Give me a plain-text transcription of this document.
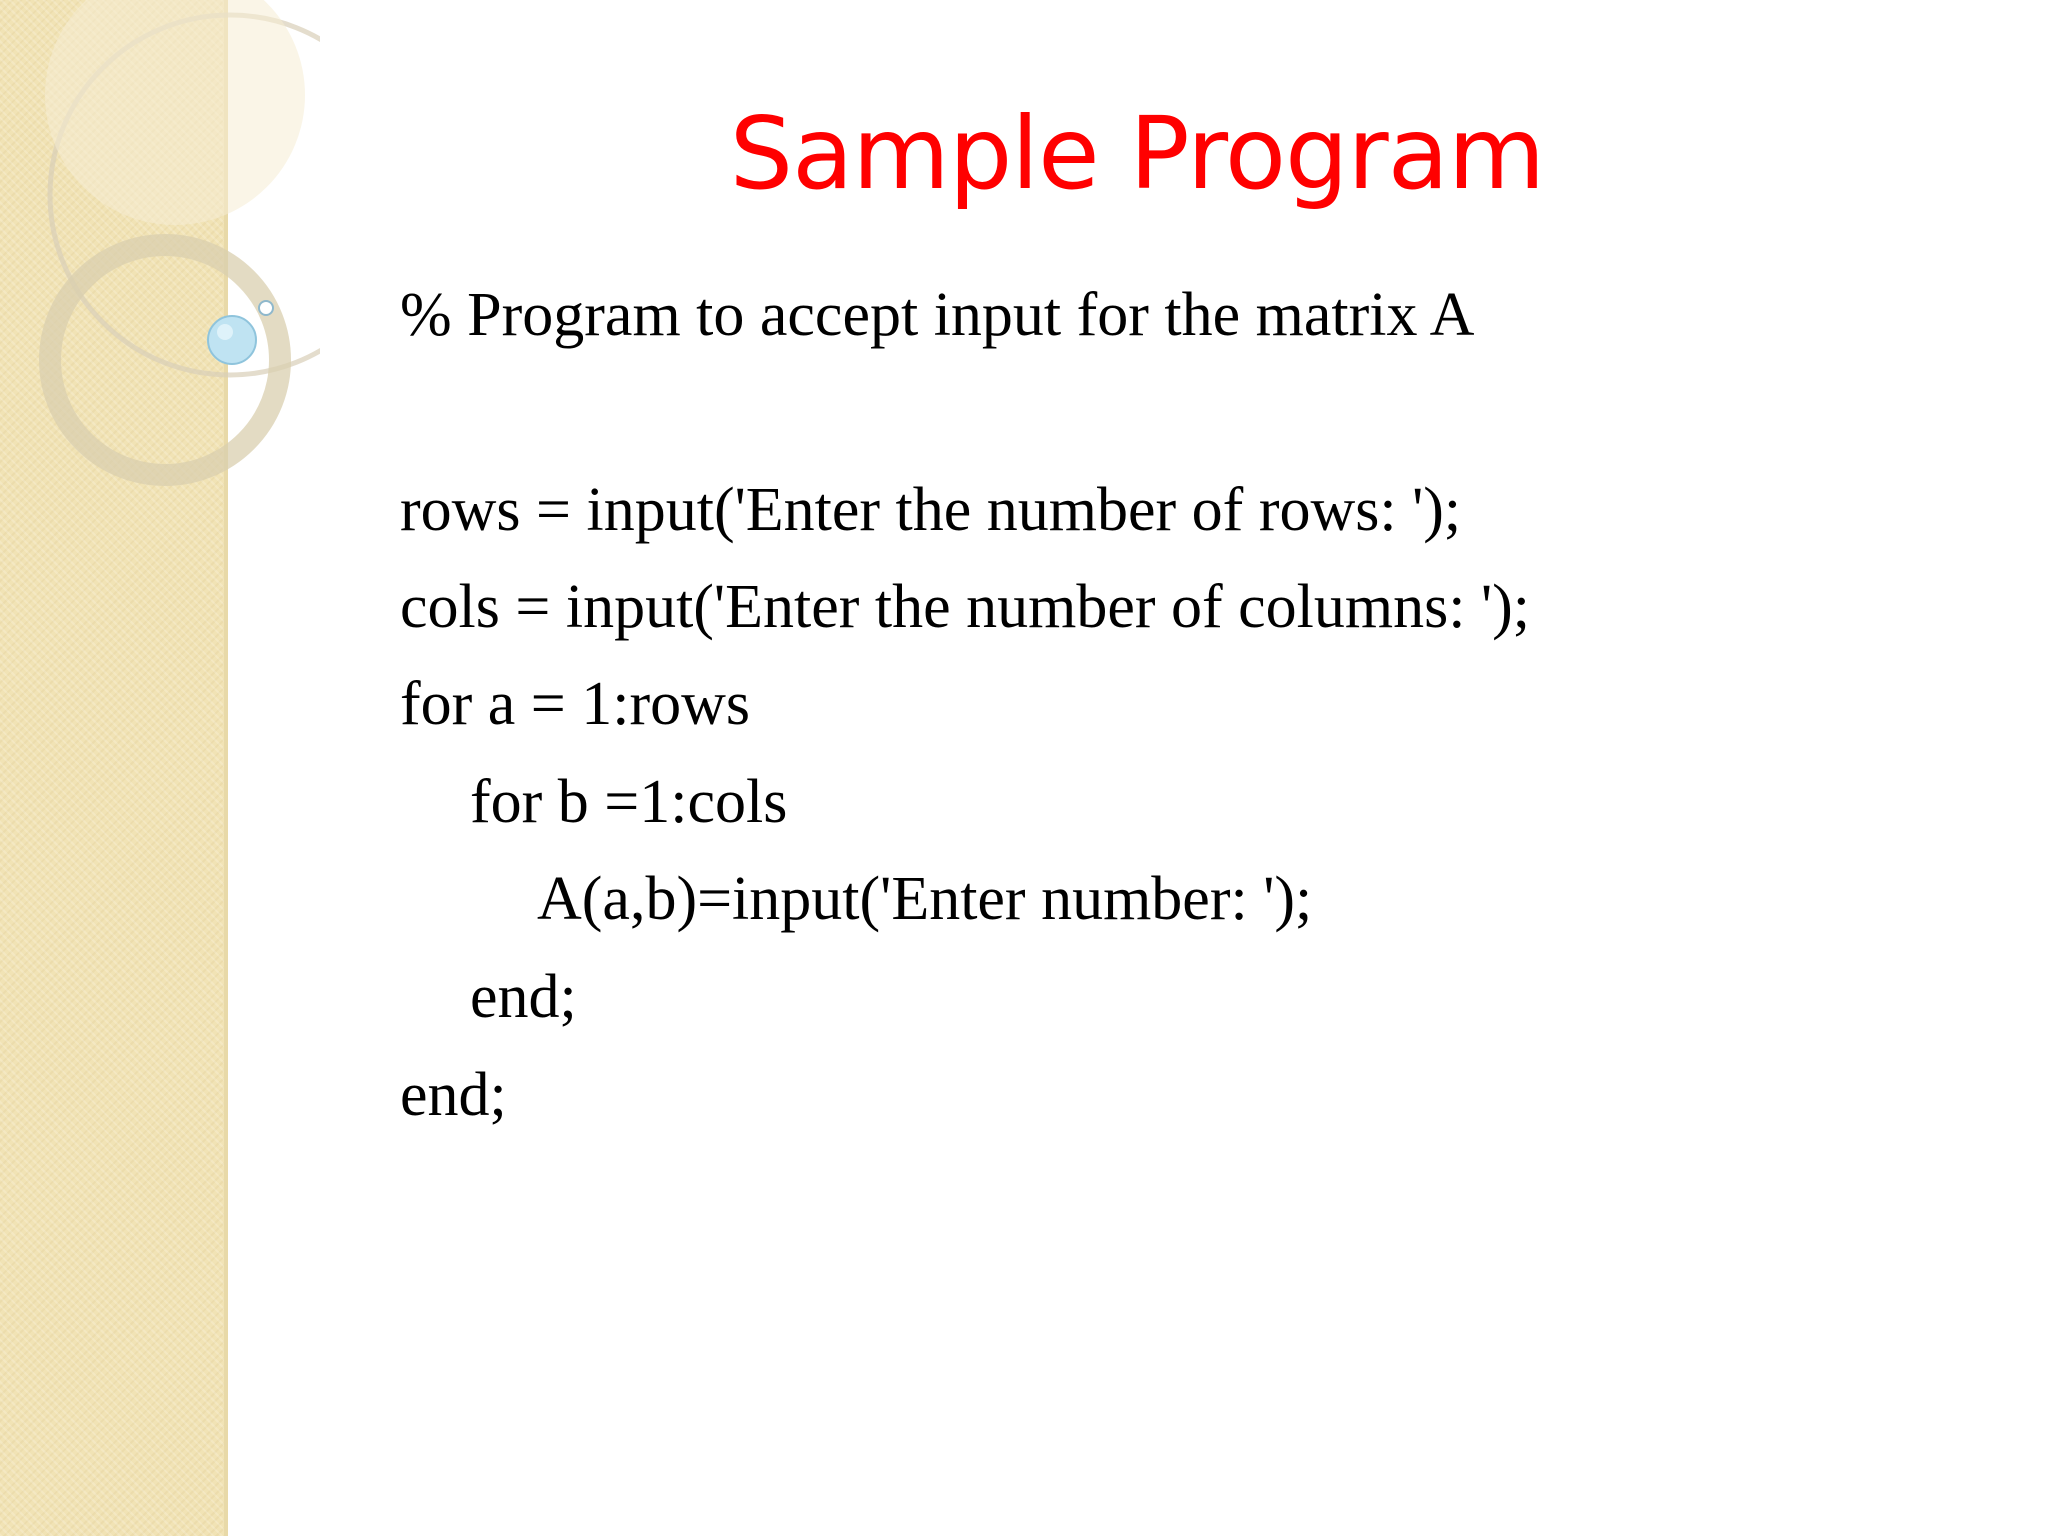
Sample Program
% Program to accept input for the matrix A
rows = input('Enter the number of rows: ');
cols = input('Enter the number of columns: ');
for a = 1:rows
for b =1:cols
A(a,b)=input('Enter number: ');
end;
end;
